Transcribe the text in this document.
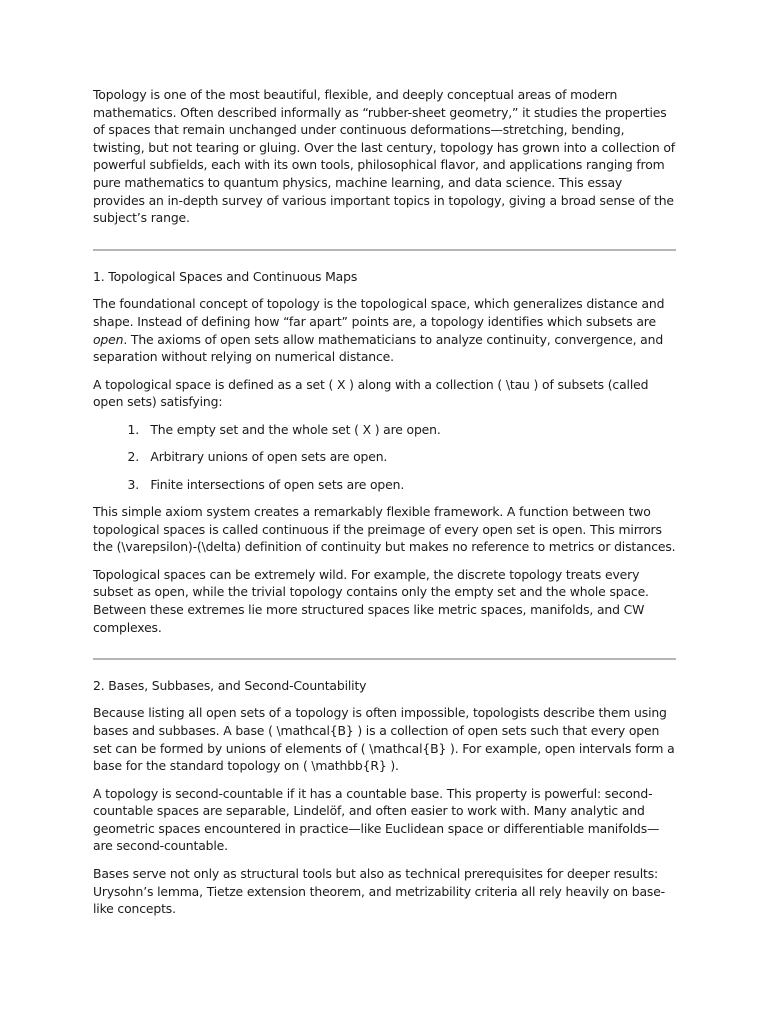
Topology is one of the most beautiful, flexible, and deeply conceptual areas of modern mathematics. Often described informally as “rubber-sheet geometry,” it studies the properties of spaces that remain unchanged under continuous deformations—stretching, bending, twisting, but not tearing or gluing. Over the last century, topology has grown into a collection of powerful subfields, each with its own tools, philosophical flavor, and applications ranging from pure mathematics to quantum physics, machine learning, and data science. This essay provides an in-depth survey of various important topics in topology, giving a broad sense of the subject’s range.

1. Topological Spaces and Continuous Maps

The foundational concept of topology is the topological space, which generalizes distance and shape. Instead of defining how “far apart” points are, a topology identifies which subsets are open. The axioms of open sets allow mathematicians to analyze continuity, convergence, and separation without relying on numerical distance.

A topological space is defined as a set ( X ) along with a collection ( \tau ) of subsets (called open sets) satisfying:

1. The empty set and the whole set ( X ) are open.
2. Arbitrary unions of open sets are open.
3. Finite intersections of open sets are open.

This simple axiom system creates a remarkably flexible framework. A function between two topological spaces is called continuous if the preimage of every open set is open. This mirrors the (\varepsilon)-(\delta) definition of continuity but makes no reference to metrics or distances.

Topological spaces can be extremely wild. For example, the discrete topology treats every subset as open, while the trivial topology contains only the empty set and the whole space. Between these extremes lie more structured spaces like metric spaces, manifolds, and CW complexes.

2. Bases, Subbases, and Second-Countability

Because listing all open sets of a topology is often impossible, topologists describe them using bases and subbases. A base ( \mathcal{B} ) is a collection of open sets such that every open set can be formed by unions of elements of ( \mathcal{B} ). For example, open intervals form a base for the standard topology on ( \mathbb{R} ).

A topology is second-countable if it has a countable base. This property is powerful: second-countable spaces are separable, Lindelöf, and often easier to work with. Many analytic and geometric spaces encountered in practice—like Euclidean space or differentiable manifolds—are second-countable.

Bases serve not only as structural tools but also as technical prerequisites for deeper results: Urysohn’s lemma, Tietze extension theorem, and metrizability criteria all rely heavily on base-like concepts.
